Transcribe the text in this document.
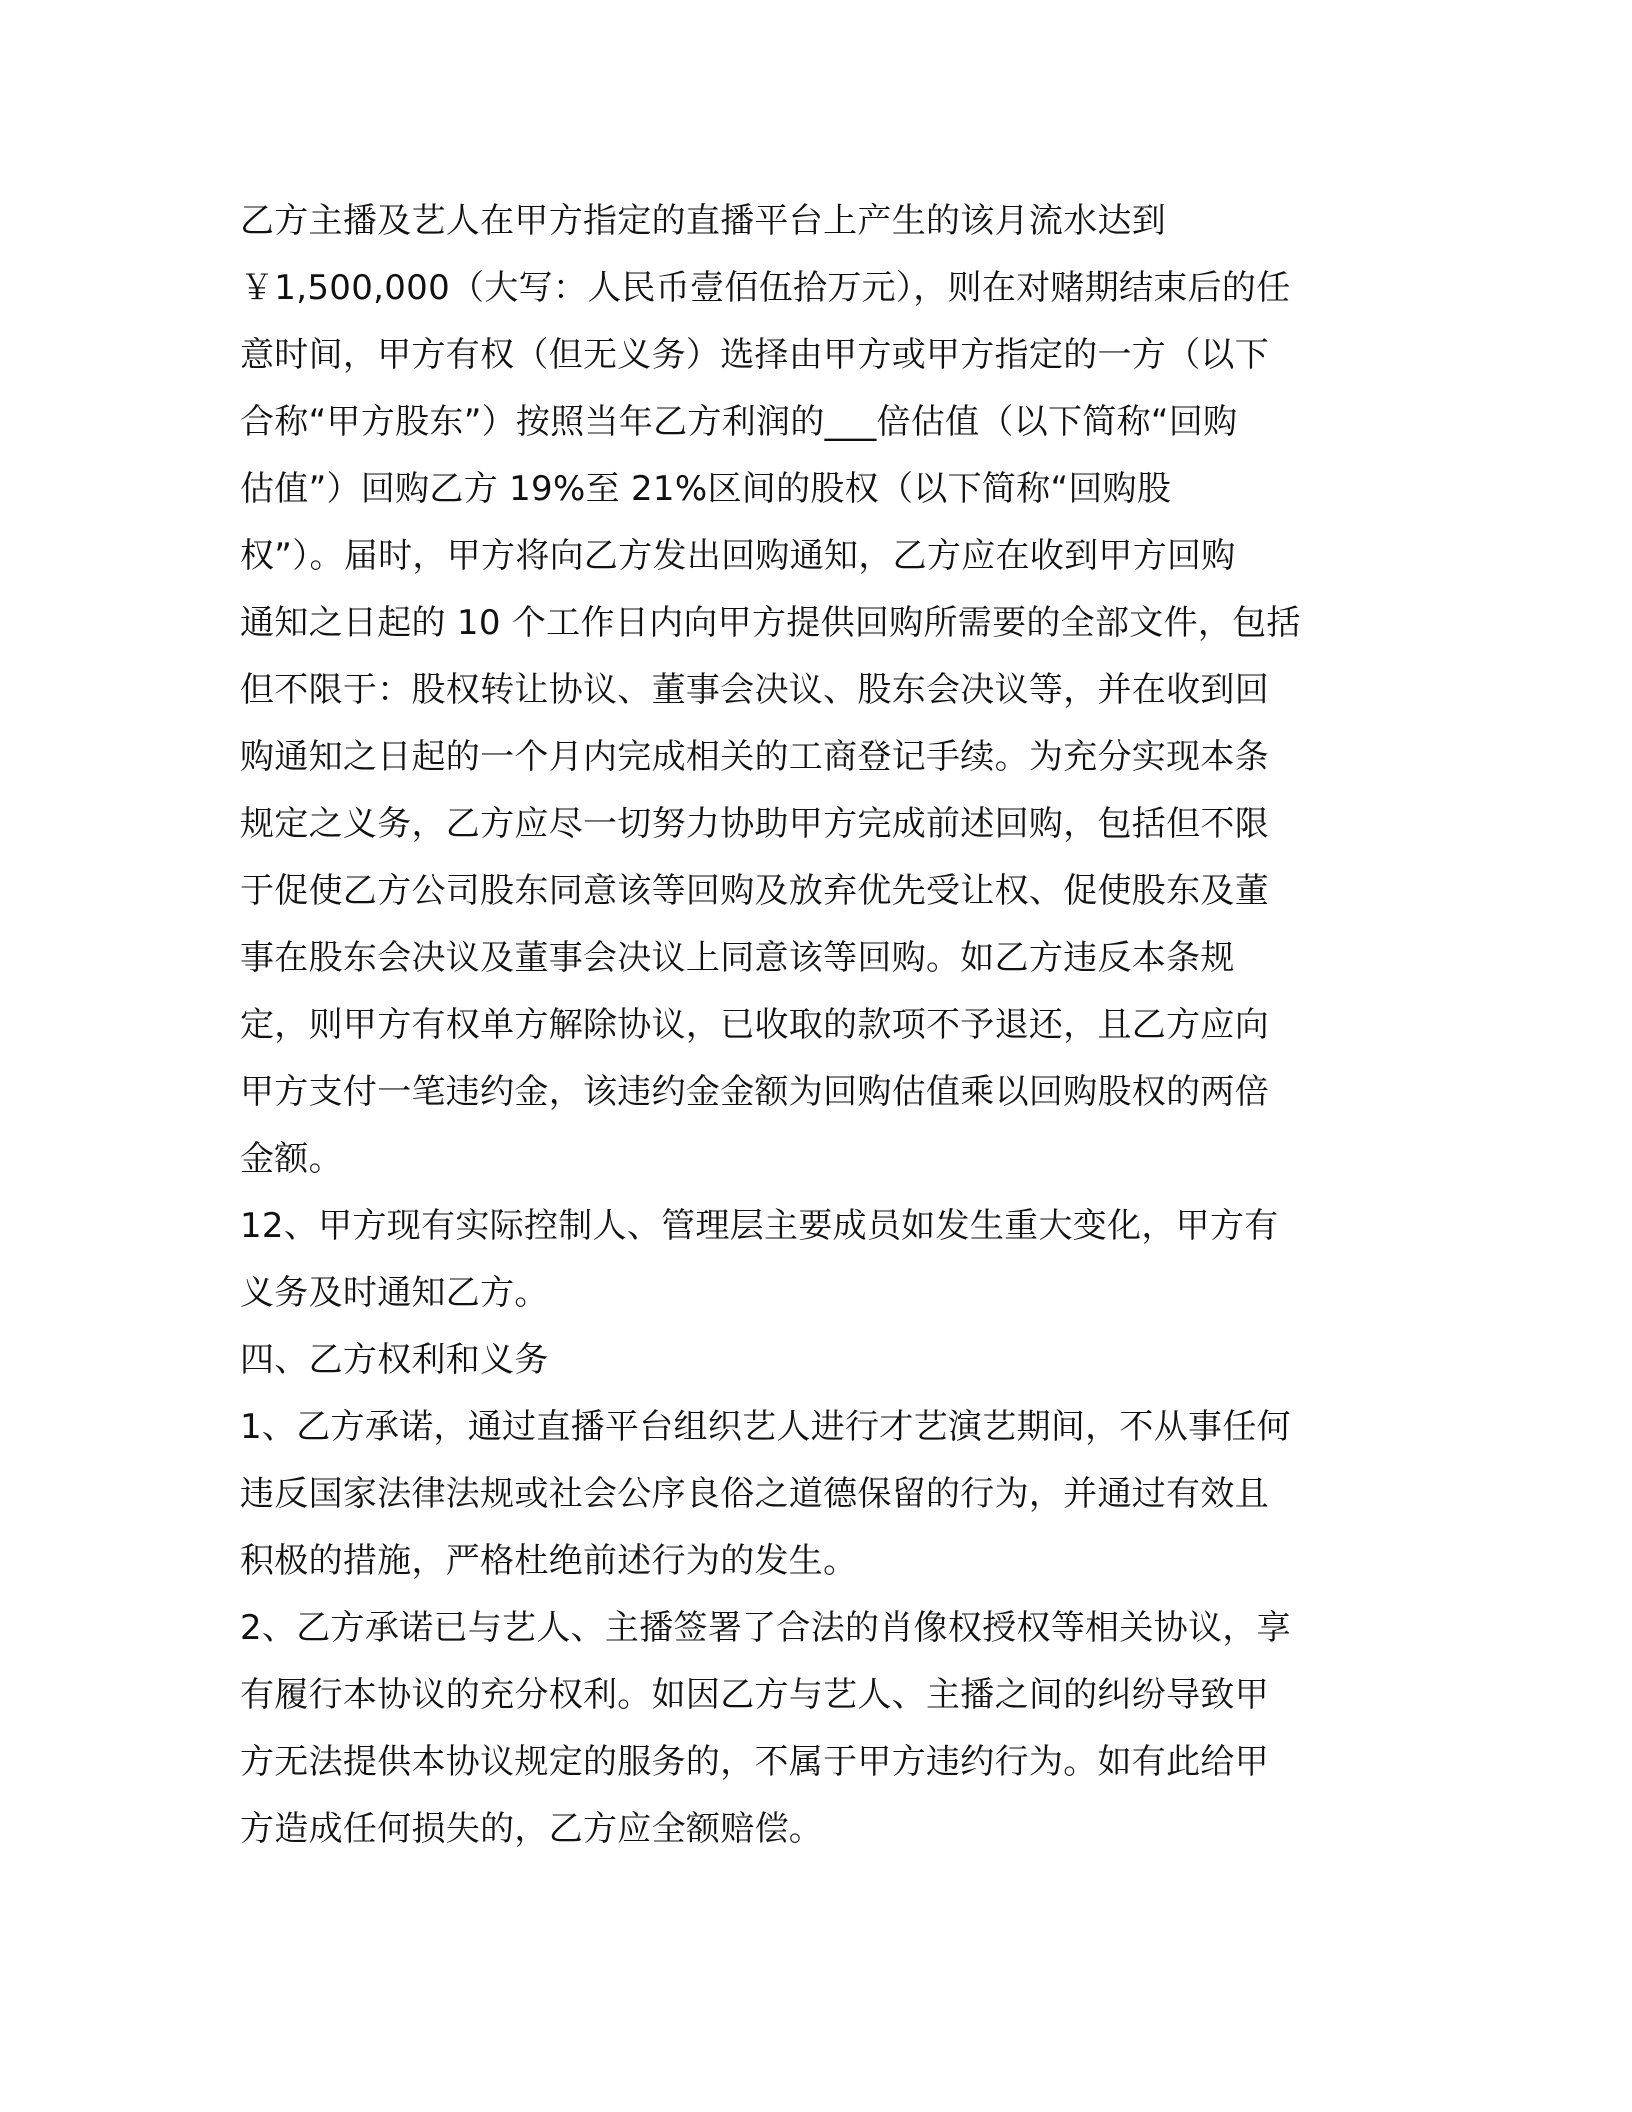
乙方主播及艺人在甲方指定的直播平台上产生的该月流水达到
￥1,500,000（大写：人民币壹佰伍拾万元），则在对赌期结束后的任
意时间，甲方有权（但无义务）选择由甲方或甲方指定的一方（以下
合称“甲方股东”）按照当年乙方利润的___倍估值（以下简称“回购
估值”）回购乙方 19%至 21%区间的股权（以下简称“回购股
权”）。届时，甲方将向乙方发出回购通知，乙方应在收到甲方回购
通知之日起的 10 个工作日内向甲方提供回购所需要的全部文件，包括
但不限于：股权转让协议、董事会决议、股东会决议等，并在收到回
购通知之日起的一个月内完成相关的工商登记手续。为充分实现本条
规定之义务，乙方应尽一切努力协助甲方完成前述回购，包括但不限
于促使乙方公司股东同意该等回购及放弃优先受让权、促使股东及董
事在股东会决议及董事会决议上同意该等回购。如乙方违反本条规
定，则甲方有权单方解除协议，已收取的款项不予退还，且乙方应向
甲方支付一笔违约金，该违约金金额为回购估值乘以回购股权的两倍
金额。
12、甲方现有实际控制人、管理层主要成员如发生重大变化，甲方有
义务及时通知乙方。
四、乙方权利和义务
1、乙方承诺，通过直播平台组织艺人进行才艺演艺期间，不从事任何
违反国家法律法规或社会公序良俗之道德保留的行为，并通过有效且
积极的措施，严格杜绝前述行为的发生。
2、乙方承诺已与艺人、主播签署了合法的肖像权授权等相关协议，享
有履行本协议的充分权利。如因乙方与艺人、主播之间的纠纷导致甲
方无法提供本协议规定的服务的，不属于甲方违约行为。如有此给甲
方造成任何损失的，乙方应全额赔偿。
